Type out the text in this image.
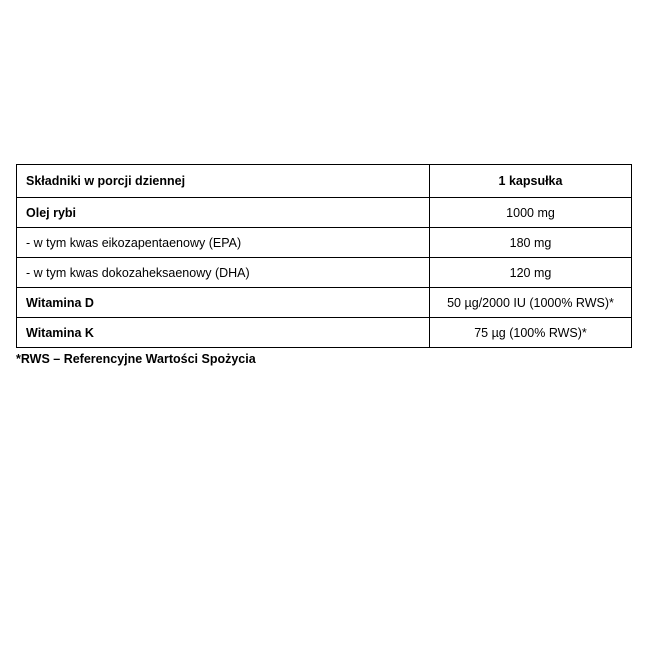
Składniki w porcji dziennej	1 kapsułka
Olej rybi	1000 mg
- w tym kwas eikozapentaenowy (EPA)	180 mg
- w tym kwas dokozaheksaenowy (DHA)	120 mg
Witamina D	50 µg/2000 IU (1000% RWS)*
Witamina K	75 µg (100% RWS)*
*RWS – Referencyjne Wartości Spożycia
